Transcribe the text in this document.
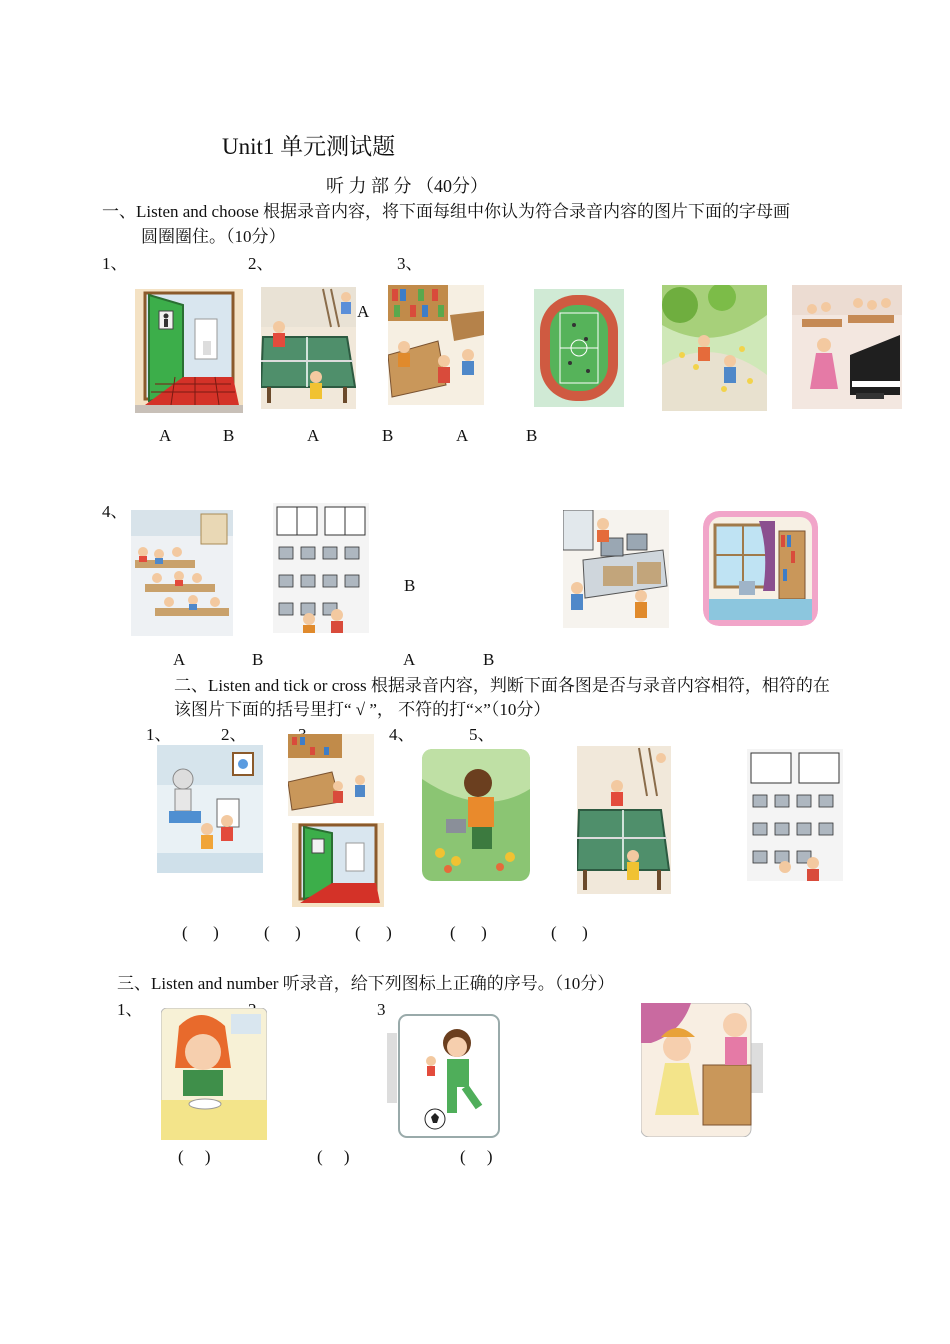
Unit1 单元测试题
听 力 部 分 （40分）
一、Listen and choose 根据录音内容，将下面每组中你认为符合录音内容的图片下面的字母画
圆圈圈住。（10分）
1、	2、	3、
A
A	B	A	B	A	B
4、
B
A	B	A	B
二、Listen and tick or cross 根据录音内容，判断下面各图是否与录音内容相符，相符的在
该图片下面的括号里打“ √ ”， 不符的打“×”（10分）
1、	2、	4、	5、
(      )	(      )	(      )	(      )	(      )
三、Listen and number 听录音，给下列图标上正确的序号。（10分）
1、	3
(     )	(     )	(     )
